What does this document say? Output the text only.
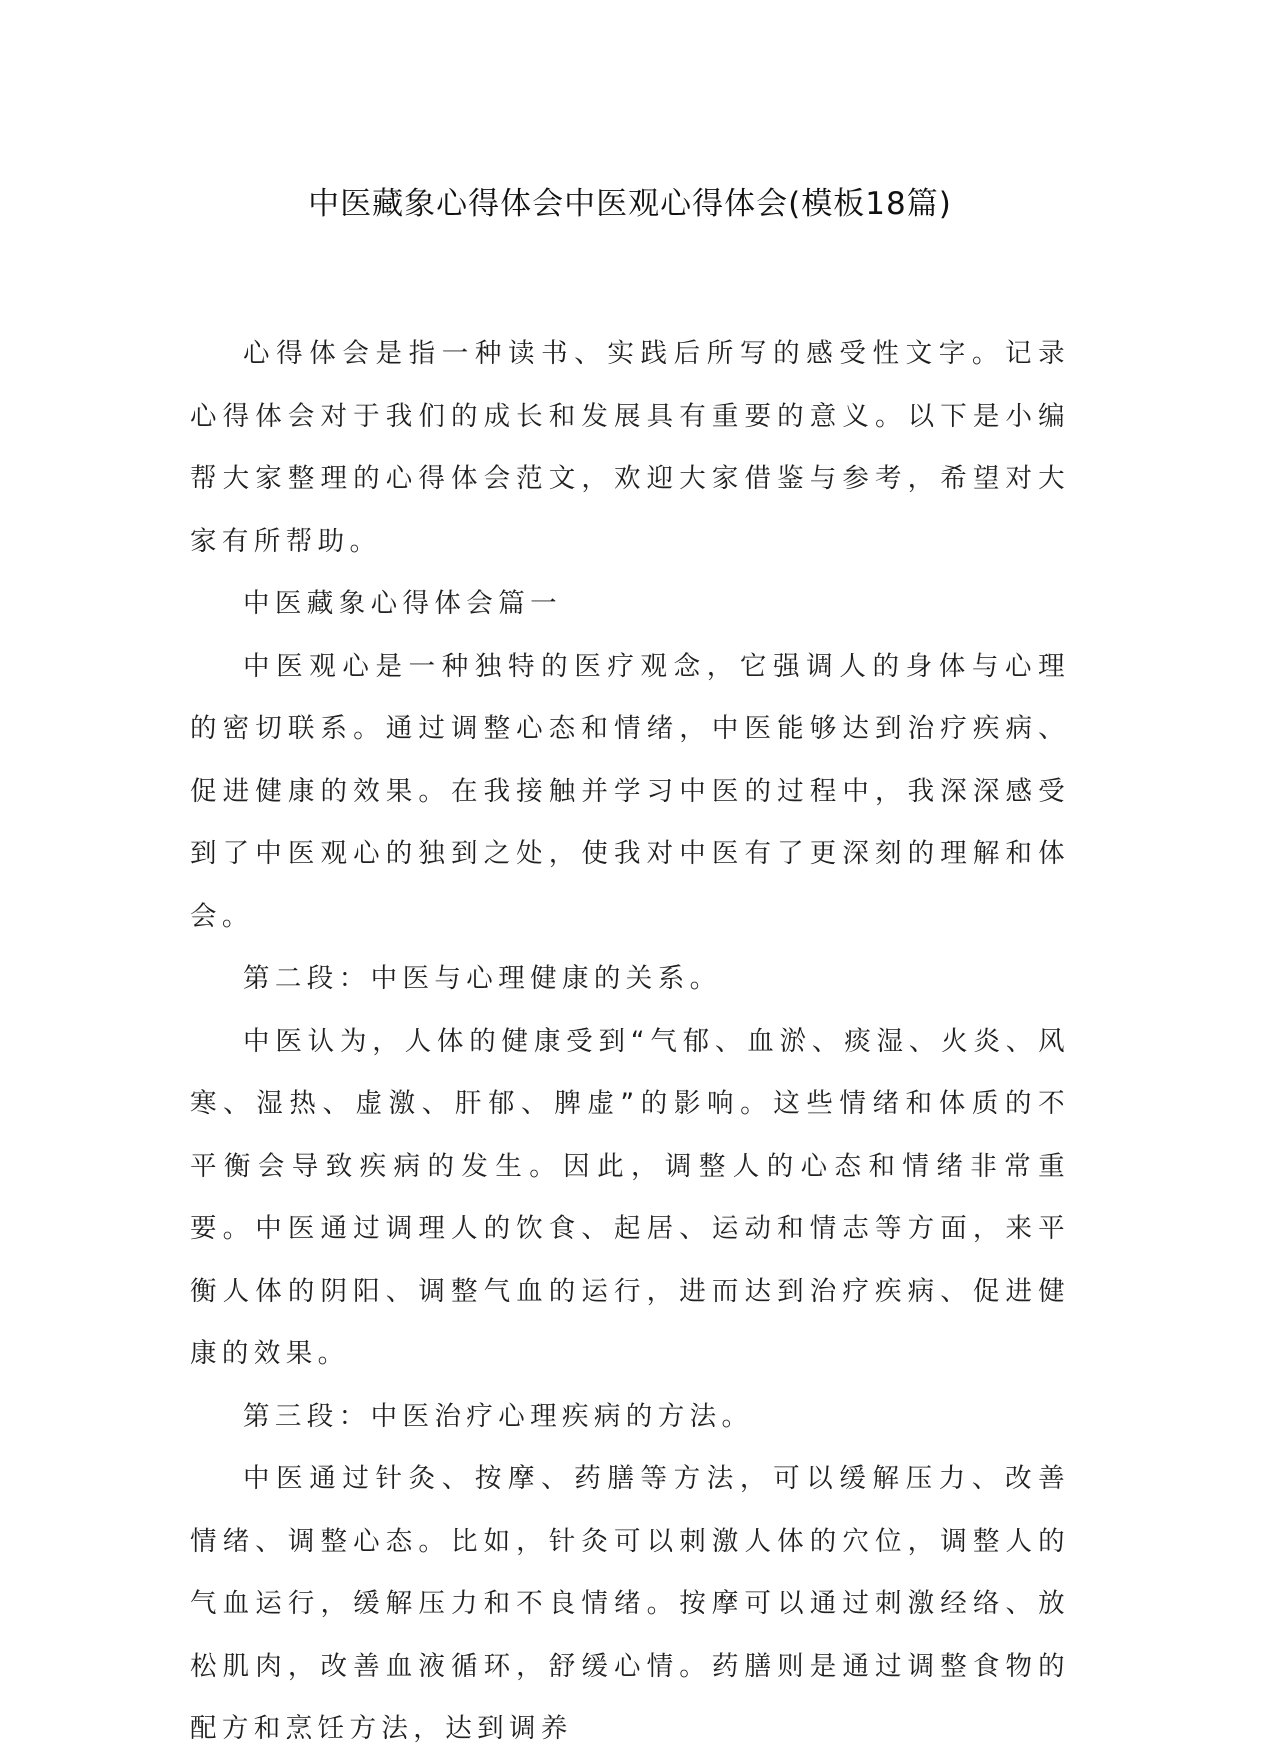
中医藏象心得体会中医观心得体会(模板18篇)

心得体会是指一种读书、实践后所写的感受性文字。记录心得体会对于我们的成长和发展具有重要的意义。以下是小编帮大家整理的心得体会范文，欢迎大家借鉴与参考，希望对大家有所帮助。

中医藏象心得体会篇一

中医观心是一种独特的医疗观念，它强调人的身体与心理的密切联系。通过调整心态和情绪，中医能够达到治疗疾病、促进健康的效果。在我接触并学习中医的过程中，我深深感受到了中医观心的独到之处，使我对中医有了更深刻的理解和体会。

第二段：中医与心理健康的关系。

中医认为，人体的健康受到“气郁、血淤、痰湿、火炎、风寒、湿热、虚激、肝郁、脾虚”的影响。这些情绪和体质的不平衡会导致疾病的发生。因此，调整人的心态和情绪非常重要。中医通过调理人的饮食、起居、运动和情志等方面，来平衡人体的阴阳、调整气血的运行，进而达到治疗疾病、促进健康的效果。

第三段：中医治疗心理疾病的方法。

中医通过针灸、按摩、药膳等方法，可以缓解压力、改善情绪、调整心态。比如，针灸可以刺激人体的穴位，调整人的气血运行，缓解压力和不良情绪。按摩可以通过刺激经络、放松肌肉，改善血液循环，舒缓心情。药膳则是通过调整食物的配方和烹饪方法，达到调养
